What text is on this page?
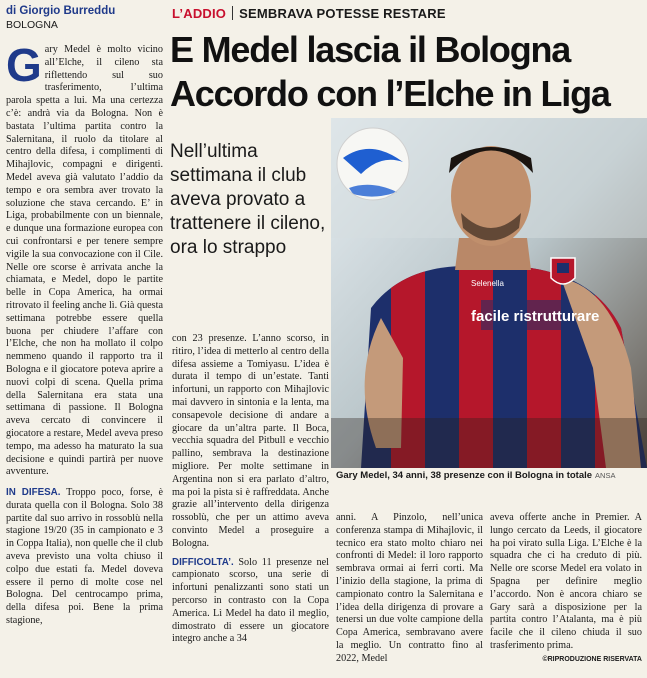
di Giorgio Burreddu
BOLOGNA
L’ADDIO SEMBRAVA POTESSE RESTARE
E Medel lascia il Bologna
Accordo con l’Elche in Liga
G ary Medel è molto vicino all’Elche, il cileno sta riflettendo sul suo trasferimento, l’ultima parola spetta a lui. Ma una certezza c’è: andrà via da Bologna. Non è bastata l’ultima partita contro la Salernitana, il ruolo da titolare al centro della difesa, i complimenti di Mihajlovic, compagni e dirigenti. Medel aveva già valutato l’addio da tempo e ora sembra aver trovato la soluzione che stava cercando. E’ in Liga, probabilmente con un biennale, e dunque una formazione europea con cui confrontarsi e per tenere sempre vigile la sua convocazione con il Cile. Nelle ore scorse è arrivata anche la chiamata, e Medel, dopo le partite belle in Copa America, ha ormai ritrovato il feeling anche lì. Già questa settimana potrebbe essere quella buona per chiudere l’affare con l’Elche, che non ha mollato il colpo nemmeno quando il rapporto tra il Bologna e il giocatore poteva aprire a nuovi colpi di scena. Quella prima della Salernitana era stata una settimana di passione. Il Bologna aveva cercato di convincere il giocatore a restare, Medel aveva preso tempo, ma adesso ha maturato la sua decisione e quindi partirà per nuove avventure.

IN DIFESA. Troppo poco, forse, è durata quella con il Bologna. Solo 38 partite dal suo arrivo in rossoblù nella stagione 19/20 (35 in campionato e 3 in Coppa Italia), non quelle che il club aveva previsto una volta chiuso il colpo due estati fa. Medel doveva essere il perno di molte cose nel Bologna. Del centrocampo prima, della difesa poi. Bene la prima stagione,

Nell’ultima settimana il club aveva provato a trattenere il cileno, ora lo strappo

facile ristrutturare
Selenella
Gary Medel, 34 anni, 38 presenze con il Bologna in totale ANSA

con 23 presenze. L’anno scorso, in ritiro, l’idea di metterlo al centro della difesa assieme a Tomiyasu. L’idea è durata il tempo di un’estate. Tanti infortuni, un rapporto con Mihajlovic mai davvero in sintonia e la lenta, ma consapevole decisione di andare a giocare da un’altra parte. Il Boca, vecchia squadra del Pitbull e vecchio pallino, sembrava la destinazione migliore. Per molte settimane in Argentina non si era parlato d’altro, ma poi la pista si è raffreddata. Anche grazie all’intervento della dirigenza rossoblù, che per un attimo aveva convinto Medel a proseguire a Bologna.

DIFFICOLTA’. Solo 11 presenze nel campionato scorso, una serie di infortuni penalizzanti sono stati un percorso in contrasto con la Copa America. Lì Medel ha dato il meglio, dimostrato di essere un giocatore integro anche a 34

anni. A Pinzolo, nell’unica conferenza stampa di Mihajlovic, il tecnico era stato molto chiaro nei confronti di Medel: il loro rapporto sembrava ormai ai ferri corti. Ma l’inizio della stagione, la prima di campionato contro la Salernitana e l’idea della dirigenza di provare a tenersi un due volte campione della Copa America, sembravano avere la meglio. Un contratto fino al 2022, Medel

aveva offerte anche in Premier. A lungo cercato da Leeds, il giocatore ha poi virato sulla Liga. L’Elche è la squadra che ci ha creduto di più. Nelle ore scorse Medel era volato in Spagna per definire meglio l’accordo. Non è ancora chiaro se Gary sarà a disposizione per la partita contro l’Atalanta, ma è più facile che il cileno chiuda il suo trasferimento prima.

©RIPRODUZIONE RISERVATA
